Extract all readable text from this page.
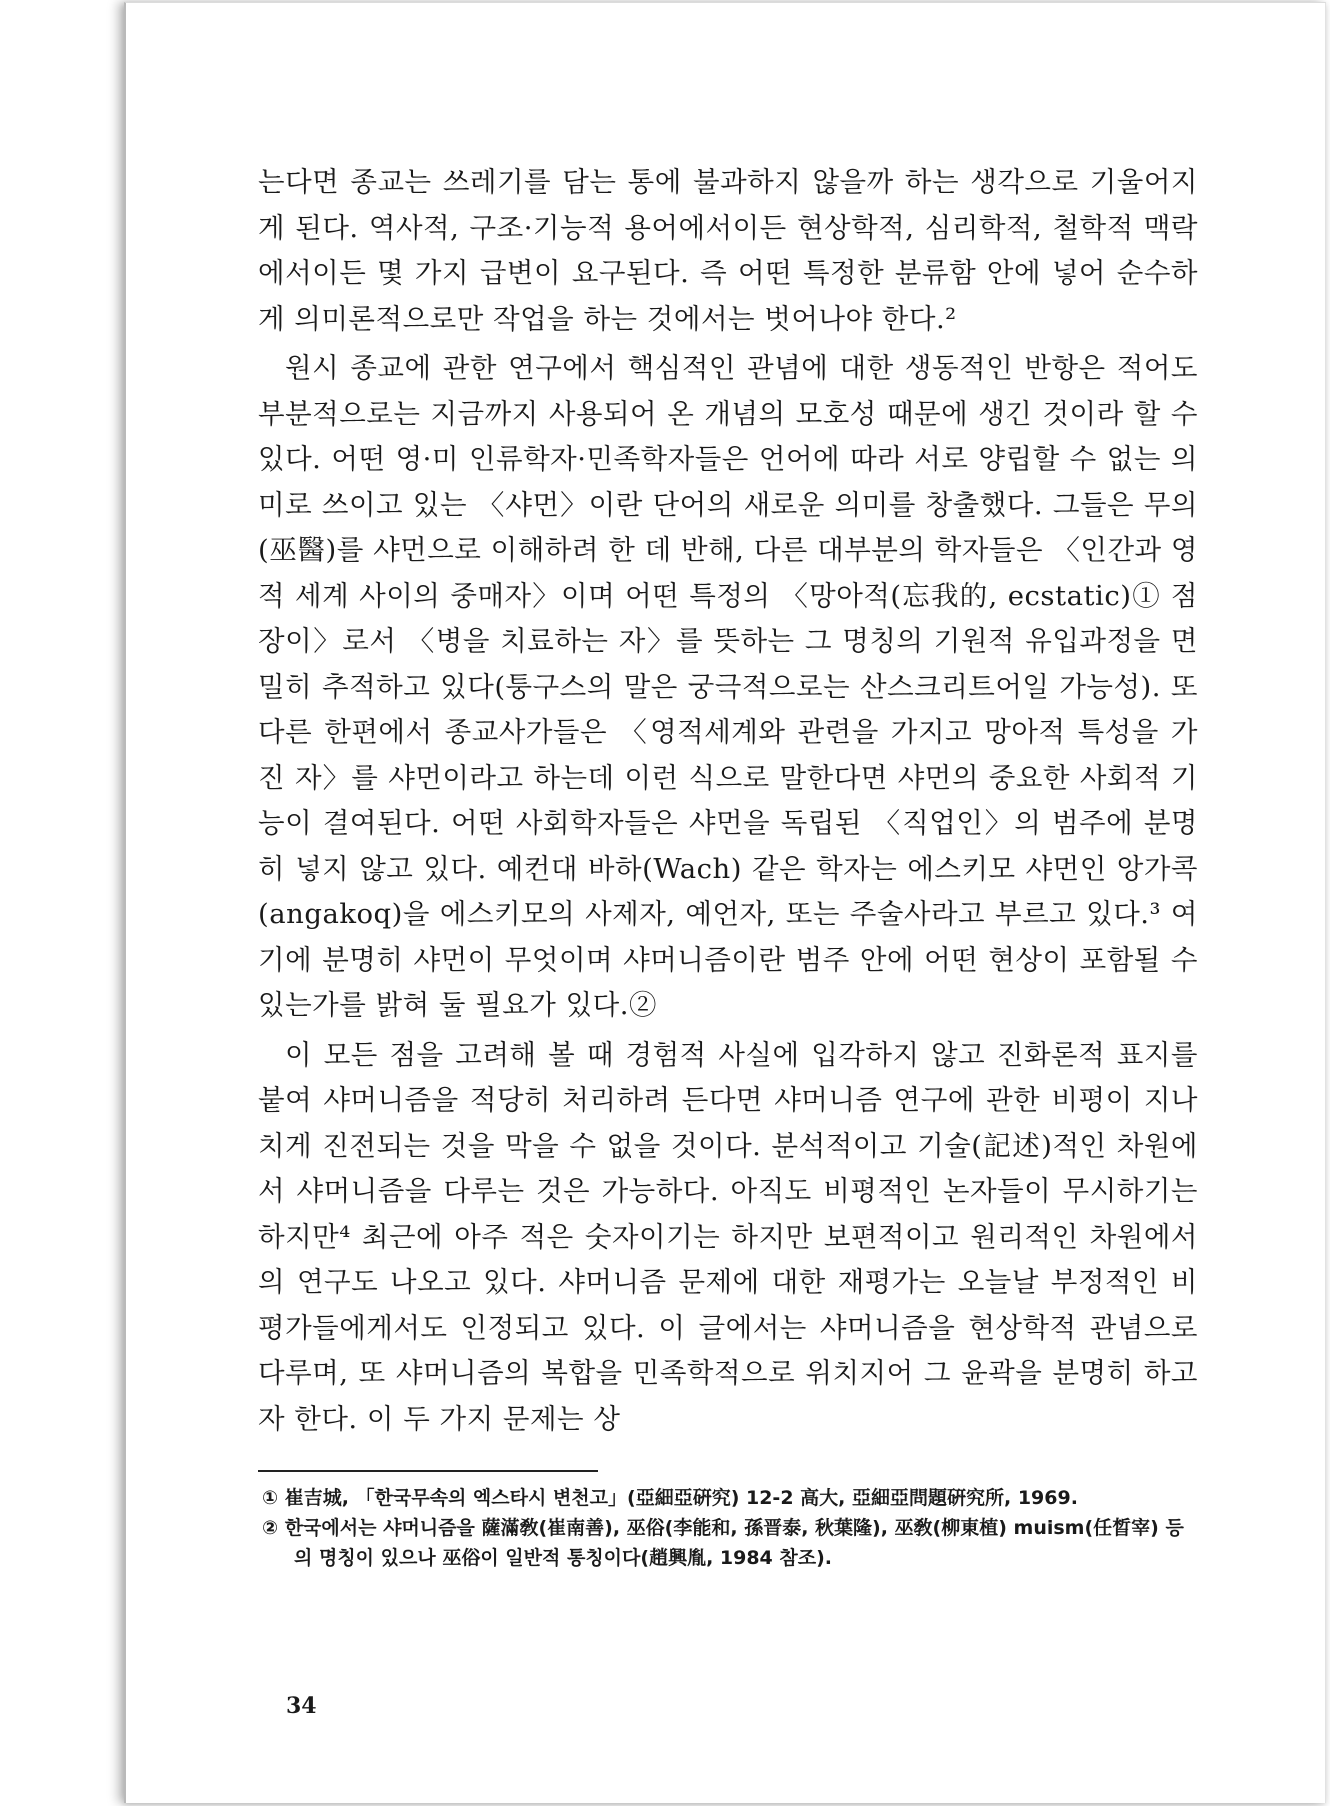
는다면 종교는 쓰레기를 담는 통에 불과하지 않을까 하는 생각으로 기울어지게 된다. 역사적, 구조·기능적 용어에서이든 현상학적, 심리학적, 철학적 맥락에서이든 몇 가지 급변이 요구된다. 즉 어떤 특정한 분류함 안에 넣어 순수하게 의미론적으로만 작업을 하는 것에서는 벗어나야 한다.²

원시 종교에 관한 연구에서 핵심적인 관념에 대한 생동적인 반항은 적어도 부분적으로는 지금까지 사용되어 온 개념의 모호성 때문에 생긴 것이라 할 수 있다. 어떤 영·미 인류학자·민족학자들은 언어에 따라 서로 양립할 수 없는 의미로 쓰이고 있는 〈샤먼〉이란 단어의 새로운 의미를 창출했다. 그들은 무의(巫醫)를 샤먼으로 이해하려 한 데 반해, 다른 대부분의 학자들은 〈인간과 영적 세계 사이의 중매자〉이며 어떤 특정의 〈망아적(忘我的, ecstatic)① 점장이〉로서 〈병을 치료하는 자〉를 뜻하는 그 명칭의 기원적 유입과정을 면밀히 추적하고 있다(퉁구스의 말은 궁극적으로는 산스크리트어일 가능성). 또 다른 한편에서 종교사가들은 〈영적세계와 관련을 가지고 망아적 특성을 가진 자〉를 샤먼이라고 하는데 이런 식으로 말한다면 샤먼의 중요한 사회적 기능이 결여된다. 어떤 사회학자들은 샤먼을 독립된 〈직업인〉의 범주에 분명히 넣지 않고 있다. 예컨대 바하(Wach) 같은 학자는 에스키모 샤먼인 앙가콕(angakoq)을 에스키모의 사제자, 예언자, 또는 주술사라고 부르고 있다.³ 여기에 분명히 샤먼이 무엇이며 샤머니즘이란 범주 안에 어떤 현상이 포함될 수 있는가를 밝혀 둘 필요가 있다.②

이 모든 점을 고려해 볼 때 경험적 사실에 입각하지 않고 진화론적 표지를 붙여 샤머니즘을 적당히 처리하려 든다면 샤머니즘 연구에 관한 비평이 지나치게 진전되는 것을 막을 수 없을 것이다. 분석적이고 기술(記述)적인 차원에서 샤머니즘을 다루는 것은 가능하다. 아직도 비평적인 논자들이 무시하기는 하지만⁴ 최근에 아주 적은 숫자이기는 하지만 보편적이고 원리적인 차원에서의 연구도 나오고 있다. 샤머니즘 문제에 대한 재평가는 오늘날 부정적인 비평가들에게서도 인정되고 있다. 이 글에서는 샤머니즘을 현상학적 관념으로 다루며, 또 샤머니즘의 복합을 민족학적으로 위치지어 그 윤곽을 분명히 하고자 한다. 이 두 가지 문제는 상

① 崔吉城, 「한국무속의 엑스타시 변천고」(亞細亞硏究) 12-2 高大, 亞細亞問題硏究所, 1969.

② 한국에서는 샤머니즘을 薩滿敎(崔南善), 巫俗(李能和, 孫晋泰, 秋葉隆), 巫敎(柳東植) muism(任晳宰) 등의 명칭이 있으나 巫俗이 일반적 통칭이다(趙興胤, 1984 참조).

34
